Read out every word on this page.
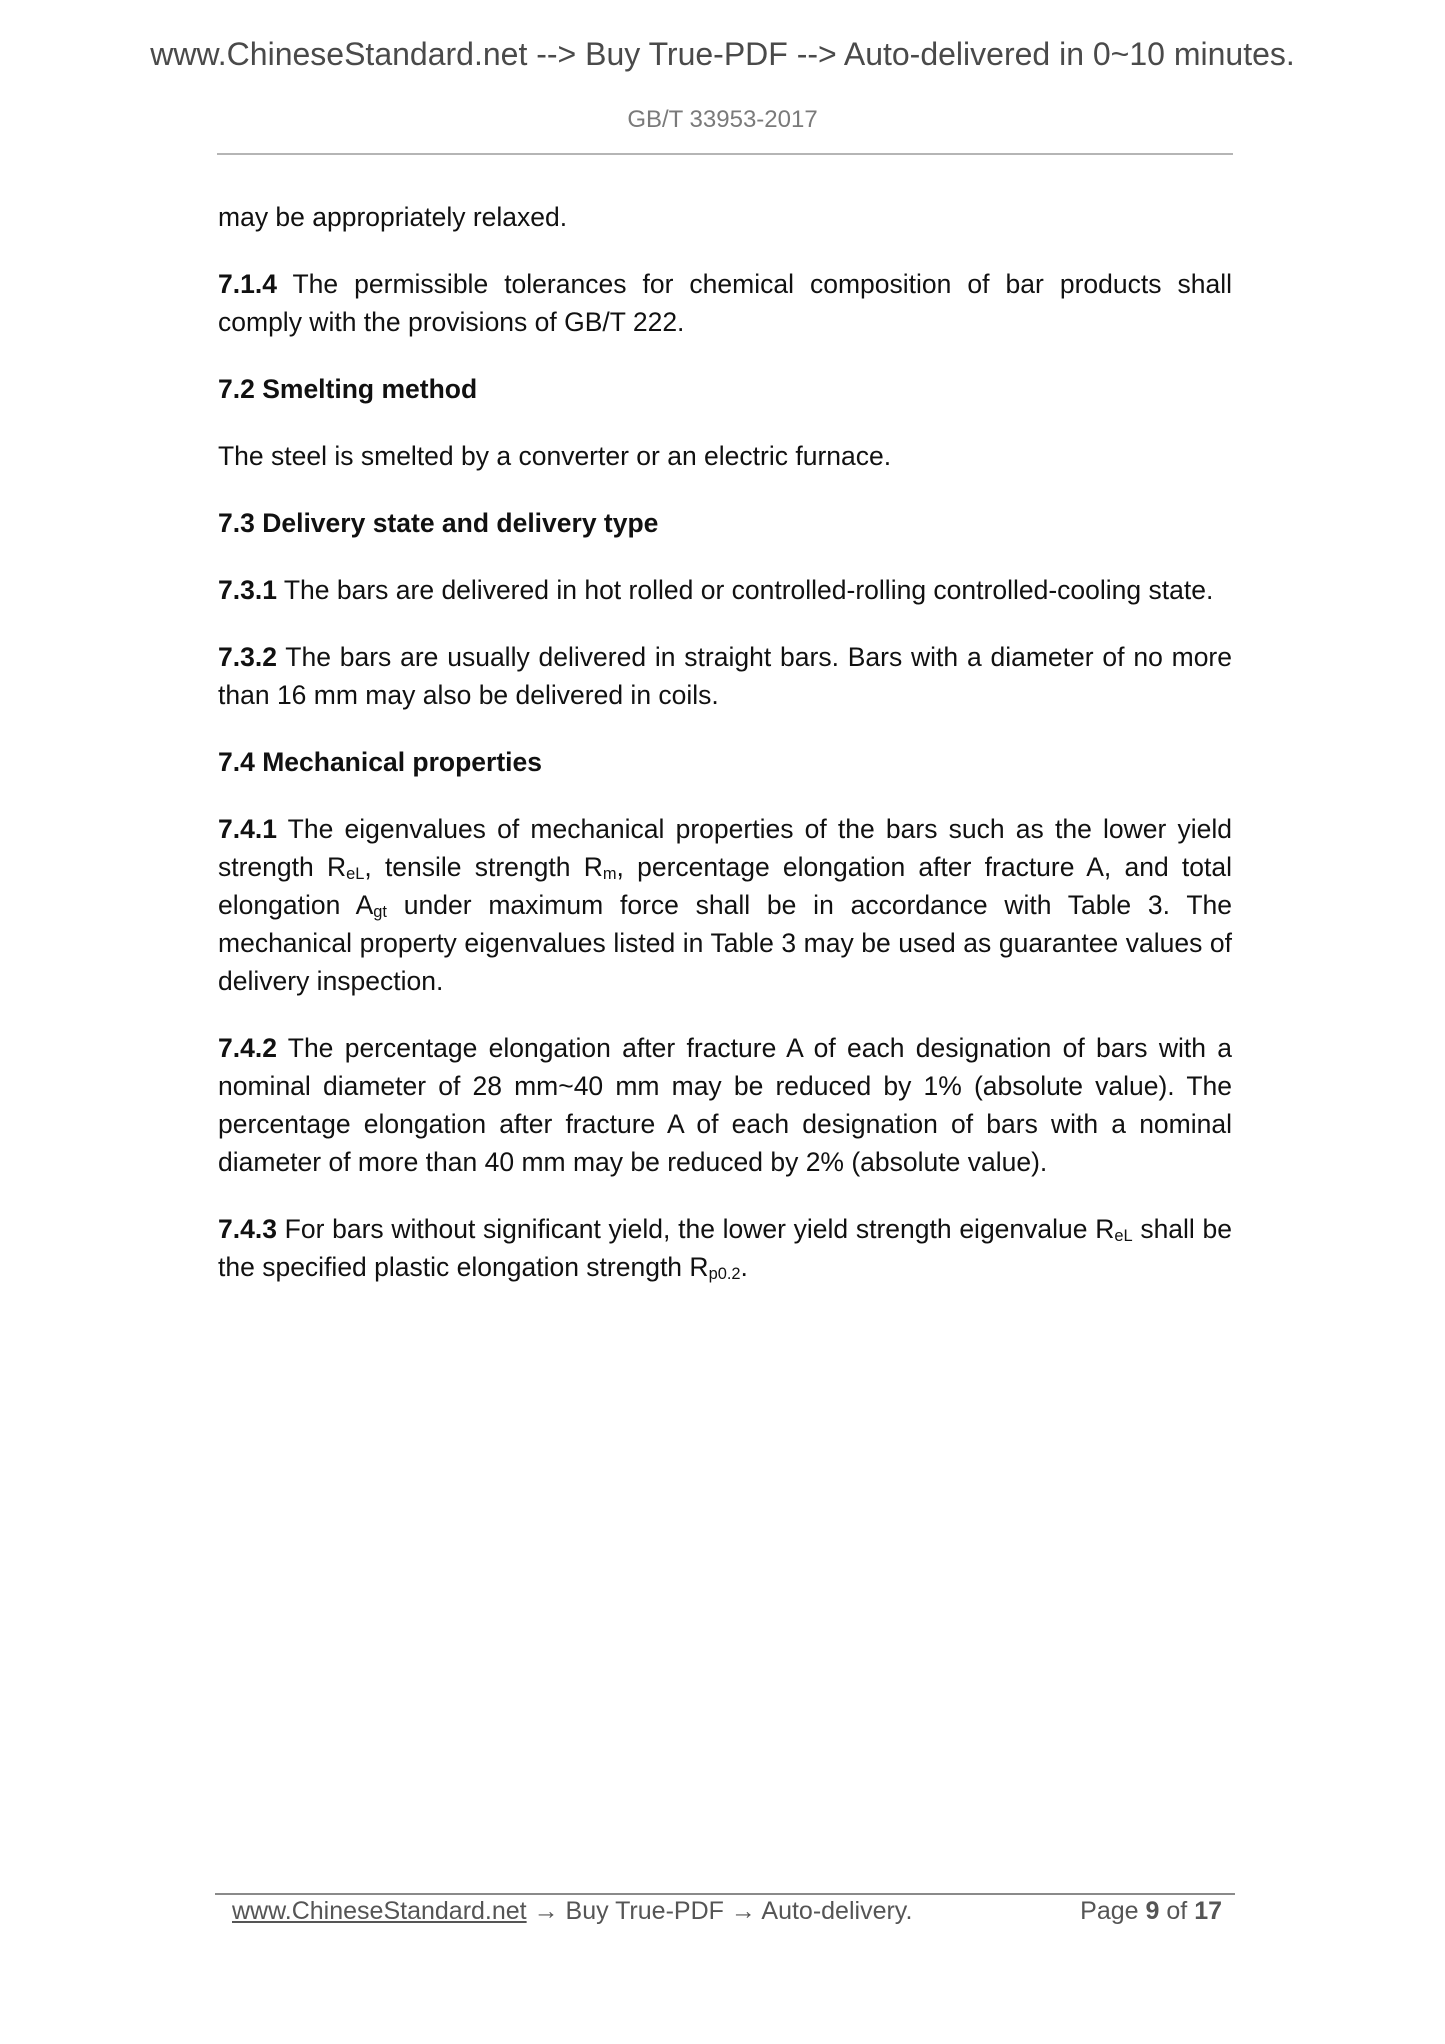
www.ChineseStandard.net --> Buy True-PDF --> Auto-delivered in 0~10 minutes.
GB/T 33953-2017

may be appropriately relaxed.

7.1.4 The permissible tolerances for chemical composition of bar products shall comply with the provisions of GB/T 222.

7.2 Smelting method

The steel is smelted by a converter or an electric furnace.

7.3 Delivery state and delivery type

7.3.1 The bars are delivered in hot rolled or controlled-rolling controlled-cooling state.

7.3.2 The bars are usually delivered in straight bars. Bars with a diameter of no more than 16 mm may also be delivered in coils.

7.4 Mechanical properties

7.4.1 The eigenvalues of mechanical properties of the bars such as the lower yield strength $R_{eL}$, tensile strength $R_m$, percentage elongation after fracture A, and total elongation $A_{gt}$ under maximum force shall be in accordance with Table 3. The mechanical property eigenvalues listed in Table 3 may be used as guarantee values of delivery inspection.

7.4.2 The percentage elongation after fracture A of each designation of bars with a nominal diameter of 28 mm~40 mm may be reduced by 1% (absolute value). The percentage elongation after fracture A of each designation of bars with a nominal diameter of more than 40 mm may be reduced by 2% (absolute value).

7.4.3 For bars without significant yield, the lower yield strength eigenvalue $R_{eL}$ shall be the specified plastic elongation strength $R_{p0.2}$.

www.ChineseStandard.net → Buy True-PDF → Auto-delivery.	Page 9 of 17
